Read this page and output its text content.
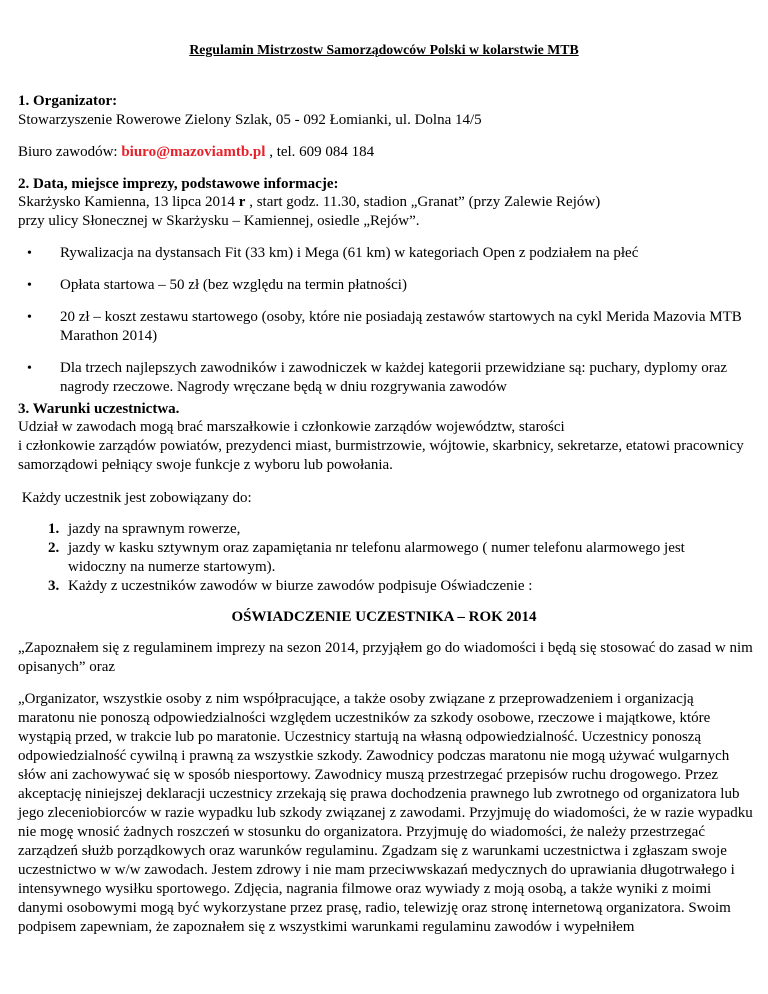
Regulamin Mistrzostw Samorządowców Polski w kolarstwie MTB
1. Organizator:
Stowarzyszenie Rowerowe Zielony Szlak, 05 - 092 Łomianki, ul. Dolna 14/5
Biuro zawodów: biuro@mazoviamtb.pl , tel. 609 084 184
2. Data, miejsce imprezy, podstawowe informacje:
Skarżysko Kamienna, 13 lipca 2014 r , start godz. 11.30, stadion „Granat” (przy Zalewie Rejów)
przy ulicy Słonecznej w Skarżysku – Kamiennej, osiedle „Rejów”.
• Rywalizacja na dystansach Fit (33 km) i Mega (61 km) w kategoriach Open z podziałem na płeć
• Opłata startowa – 50 zł (bez względu na termin płatności)
• 20 zł – koszt zestawu startowego (osoby, które nie posiadają zestawów startowych na cykl Merida Mazovia MTB Marathon 2014)
• Dla trzech najlepszych zawodników i zawodniczek w każdej kategorii przewidziane są: puchary, dyplomy oraz nagrody rzeczowe. Nagrody wręczane będą w dniu rozgrywania zawodów
3. Warunki uczestnictwa.
Udział w zawodach mogą brać marszałkowie i członkowie zarządów województw, starości
i członkowie zarządów powiatów, prezydenci miast, burmistrzowie, wójtowie, skarbnicy, sekretarze, etatowi pracownicy samorządowi pełniący swoje funkcje z wyboru lub powołania.
Każdy uczestnik jest zobowiązany do:
1. jazdy na sprawnym rowerze,
2. jazdy w kasku sztywnym oraz zapamiętania nr telefonu alarmowego ( numer telefonu alarmowego jest widoczny na numerze startowym).
3. Każdy z uczestników zawodów w biurze zawodów podpisuje Oświadczenie :
OŚWIADCZENIE UCZESTNIKA – ROK 2014
„Zapoznałem się z regulaminem imprezy na sezon 2014, przyjąłem go do wiadomości i będą się stosować do zasad w nim opisanych” oraz
„Organizator, wszystkie osoby z nim współpracujące, a także osoby związane z przeprowadzeniem i organizacją maratonu nie ponoszą odpowiedzialności względem uczestników za szkody osobowe, rzeczowe i majątkowe, które wystąpią przed, w trakcie lub po maratonie. Uczestnicy startują na własną odpowiedzialność. Uczestnicy ponoszą odpowiedzialność cywilną i prawną za wszystkie szkody. Zawodnicy podczas maratonu nie mogą używać wulgarnych słów ani zachowywać się w sposób niesportowy. Zawodnicy muszą przestrzegać przepisów ruchu drogowego. Przez akceptację niniejszej deklaracji uczestnicy zrzekają się prawa dochodzenia prawnego lub zwrotnego od organizatora lub jego zleceniobiorców w razie wypadku lub szkody związanej z zawodami. Przyjmuję do wiadomości, że w razie wypadku nie mogę wnosić żadnych roszczeń w stosunku do organizatora. Przyjmuję do wiadomości, że należy przestrzegać zarządzeń służb porządkowych oraz warunków regulaminu. Zgadzam się z warunkami uczestnictwa i zgłaszam swoje uczestnictwo w w/w zawodach. Jestem zdrowy i nie mam przeciwwskazań medycznych do uprawiania długotrwałego i intensywnego wysiłku sportowego. Zdjęcia, nagrania filmowe oraz wywiady z moją osobą, a także wyniki z moimi danymi osobowymi mogą być wykorzystane przez prasę, radio, telewizję oraz stronę internetową organizatora. Swoim podpisem zapewniam, że zapoznałem się z wszystkimi warunkami regulaminu zawodów i wypełniłem
